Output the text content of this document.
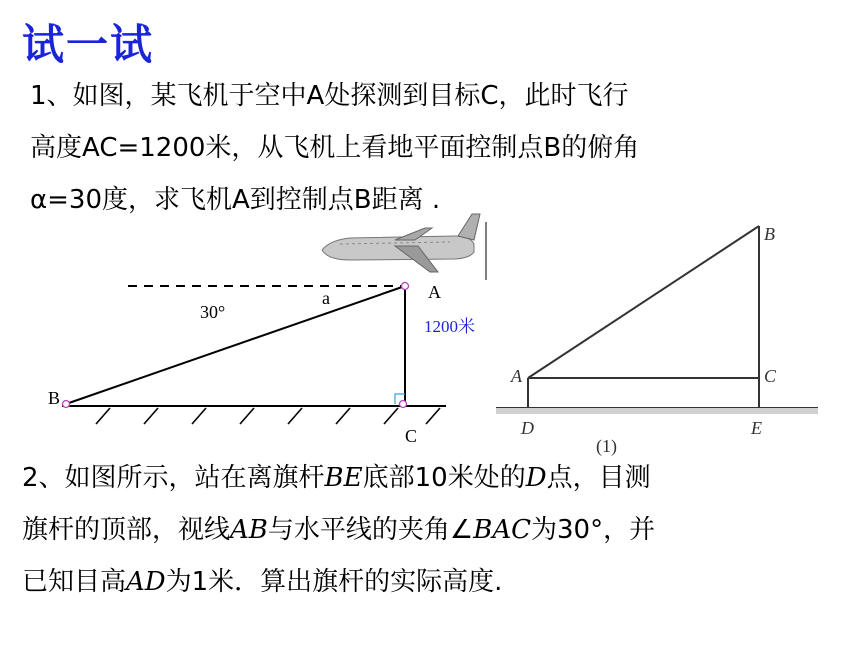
试一试
1、如图，某飞机于空中A处探测到目标C，此时飞行
高度AC=1200米，从飞机上看地平面控制点B的俯角
α=30度，求飞机A到控制点B距离 .
B
A
C
a
30°
1200米
B
A	C
D	E
(1)
2、如图所示，站在离旗杆BE底部10米处的D点，目测
旗杆的顶部，视线AB与水平线的夹角∠BAC为30°，并
已知目高AD为1米．算出旗杆的实际高度.
